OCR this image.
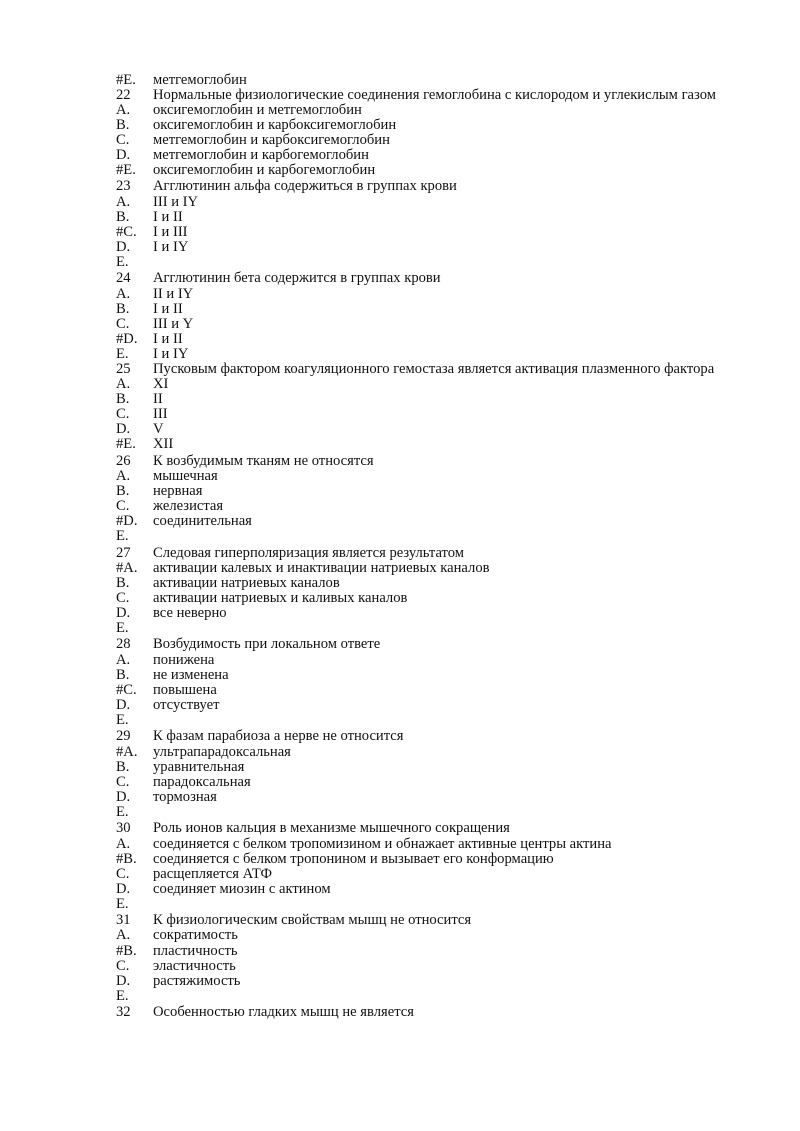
#E.	метгемоглобин
22	Нормальные физиологические соединения гемоглобина с кислородом и углекислым газом
A.	оксигемоглобин и метгемоглобин
B.	оксигемоглобин и карбоксигемоглобин
C.	метгемоглобин и карбоксигемоглобин
D.	метгемоглобин и карбогемоглобин
#E.	оксигемоглобин и карбогемоглобин
23	Агглютинин альфа содержиться в группах крови
A.	III и IY
B.	I и II
#C.	I и III
D.	I и IY
E.
24	Агглютинин бета содержится в группах крови
A.	II и IY
B.	I и II
C.	III и Y
#D.	I и II
E.	I и IY
25	Пусковым фактором коагуляционного гемостаза является активация плазменного фактора
A.	XI
B.	II
C.	III
D.	V
#E.	XII
26	К возбудимым тканям не относятся
A.	мышечная
B.	нервная
C.	железистая
#D.	соединительная
E.
27	Следовая гиперполяризация является результатом
#A.	активации калевых и инактивации натриевых каналов
B.	активации натриевых каналов
C.	активации натриевых и каливых каналов
D.	все неверно
E.
28	Возбудимость при локальном ответе
A.	понижена
B.	не изменена
#C.	повышена
D.	отсуствует
E.
29	К фазам парабиоза а нерве не относится
#A.	ультрапарадоксальная
B.	уравнительная
C.	парадоксальная
D.	тормозная
E.
30	Роль ионов кальция в механизме мышечного сокращения
A.	соединяется с белком тропомизином и обнажает активные центры актина
#B.	соединяется с белком тропонином и вызывает его конформацию
C.	расщепляется АТФ
D.	соединяет миозин с актином
E.
31	К физиологическим свойствам мышц не относится
A.	сократимость
#B.	пластичность
C.	эластичность
D.	растяжимость
E.
32	Особенностью гладких мышц не является
